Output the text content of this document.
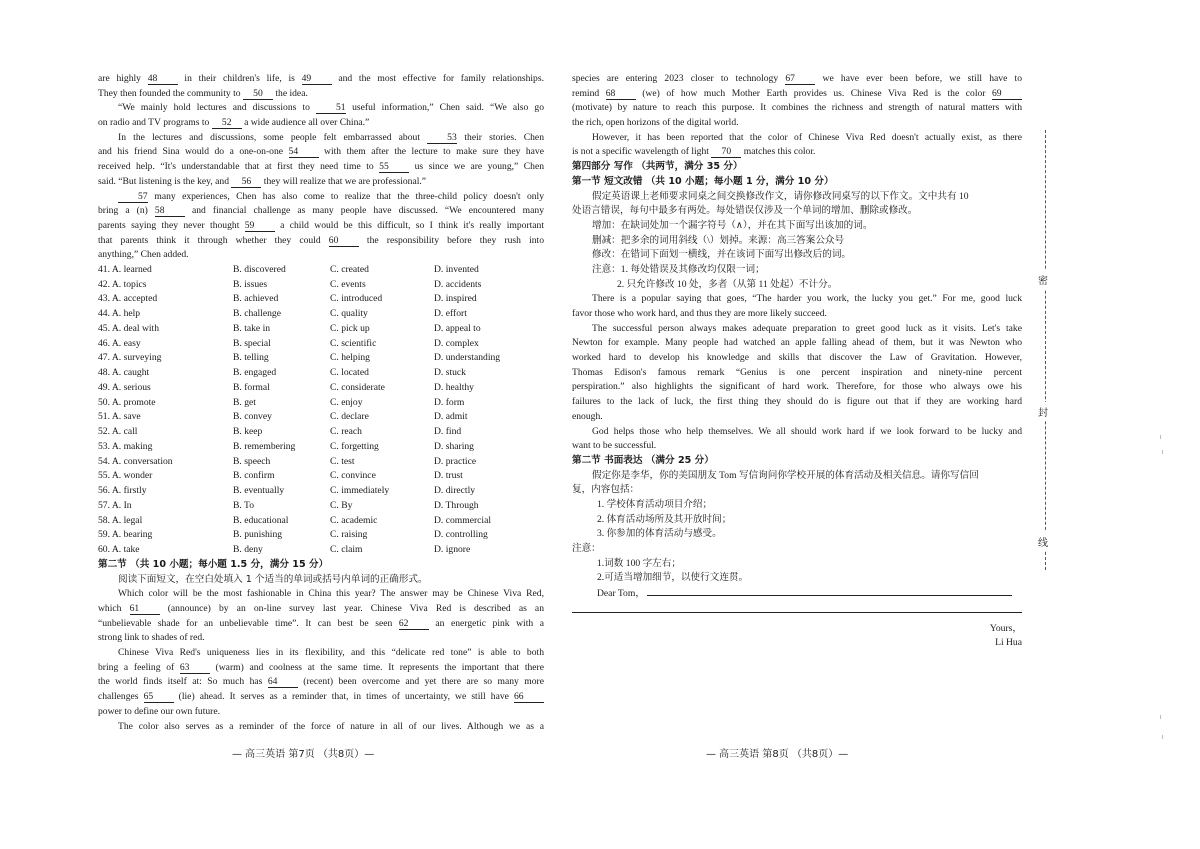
are highly 48 in their children's life, is 49 and the most effective for family relationships.
They then founded the community to 50 the idea.
“We mainly hold lectures and discussions to 51 useful information,” Chen said. “We also go
on radio and TV programs to 52 a wide audience all over China.”
In the lectures and discussions, some people felt embarrassed about 53 their stories. Chen
and his friend Sina would do a one-on-one 54 with them after the lecture to make sure they have
received help. “It's understandable that at first they need time to 55 us since we are young,” Chen
said. “But listening is the key, and 56 they will realize that we are professional.”
57 many experiences, Chen has also come to realize that the three-child policy doesn't only
bring a (n) 58 and financial challenge as many people have discussed. “We encountered many
parents saying they never thought 59 a child would be this difficult, so I think it's really important
that parents think it through whether they could 60 the responsibility before they rush into
anything,” Chen added.
41. A. learned	B. discovered	C. created	D. invented
42. A. topics	B. issues	C. events	D. accidents
43. A. accepted	B. achieved	C. introduced	D. inspired
44. A. help	B. challenge	C. quality	D. effort
45. A. deal with	B. take in	C. pick up	D. appeal to
46. A. easy	B. special	C. scientific	D. complex
47. A. surveying	B. telling	C. helping	D. understanding
48. A. caught	B. engaged	C. located	D. stuck
49. A. serious	B. formal	C. considerate	D. healthy
50. A. promote	B. get	C. enjoy	D. form
51. A. save	B. convey	C. declare	D. admit
52. A. call	B. keep	C. reach	D. find
53. A. making	B. remembering	C. forgetting	D. sharing
54. A. conversation	B. speech	C. test	D. practice
55. A. wonder	B. confirm	C. convince	D. trust
56. A. firstly	B. eventually	C. immediately	D. directly
57. A. In	B. To	C. By	D. Through
58. A. legal	B. educational	C. academic	D. commercial
59. A. bearing	B. punishing	C. raising	D. controlling
60. A. take	B. deny	C. claim	D. ignore
第二节 （共 10 小题；每小题 1.5 分，满分 15 分）
阅读下面短文，在空白处填入 1 个适当的单词或括号内单词的正确形式。
Which color will be the most fashionable in China this year? The answer may be Chinese Viva Red,
which 61 (announce) by an on-line survey last year. Chinese Viva Red is described as an
“unbelievable shade for an unbelievable time”. It can best be seen 62 an energetic pink with a
strong link to shades of red.
Chinese Viva Red's uniqueness lies in its flexibility, and this “delicate red tone” is able to both
bring a feeling of 63 (warm) and coolness at the same time. It represents the important that there
the world finds itself at: So much has 64 (recent) been overcome and yet there are so many more
challenges 65 (lie) ahead. It serves as a reminder that, in times of uncertainty, we still have 66
power to define our own future.
The color also serves as a reminder of the force of nature in all of our lives. Although we as a
— 高三英语 第7页 （共8页）—
species are entering 2023 closer to technology 67 we have ever been before, we still have to
remind 68 (we) of how much Mother Earth provides us. Chinese Viva Red is the color 69
(motivate) by nature to reach this purpose. It combines the richness and strength of natural matters with
the rich, open horizons of the digital world.
However, it has been reported that the color of Chinese Viva Red doesn't actually exist, as there
is not a specific wavelength of light 70 matches this color.
第四部分 写作 （共两节，满分 35 分）
第一节 短文改错 （共 10 小题；每小题 1 分，满分 10 分）
假定英语课上老师要求同桌之间交换修改作文，请你修改同桌写的以下作文。文中共有 10
处语言错误，每句中最多有两处。每处错误仅涉及一个单词的增加、删除或修改。
增加：在缺词处加一个漏字符号（∧），并在其下面写出该加的词。
删减：把多余的词用斜线（\）划掉。来源：高三答案公众号
修改：在错词下面划一横线，并在该词下面写出修改后的词。
注意：1. 每处错误及其修改均仅限一词；
2. 只允许修改 10 处，多者（从第 11 处起）不计分。
There is a popular saying that goes, “The harder you work, the lucky you get.” For me, good luck
favor those who work hard, and thus they are more likely succeed.
The successful person always makes adequate preparation to greet good luck as it visits. Let's take
Newton for example. Many people had watched an apple falling ahead of them, but it was Newton who
worked hard to develop his knowledge and skills that discover the Law of Gravitation. However,
Thomas Edison's famous remark “Genius is one percent inspiration and ninety-nine percent
perspiration.” also highlights the significant of hard work. Therefore, for those who always owe his
failures to the lack of luck, the first thing they should do is figure out that if they are working hard
enough.
God helps those who help themselves. We all should work hard if we look forward to be lucky and
want to be successful.
第二节 书面表达 （满分 25 分）
假定你是李华，你的美国朋友 Tom 写信询问你学校开展的体育活动及相关信息。请你写信回
复，内容包括：
1. 学校体育活动项目介绍；
2. 体育活动场所及其开放时间；
3. 你参加的体育活动与感受。
注意：
1.词数 100 字左右；
2.可适当增加细节，以使行文连贯。
Dear Tom，
Yours，
Li Hua
— 高三英语 第8页 （共8页）—
密
封
线
